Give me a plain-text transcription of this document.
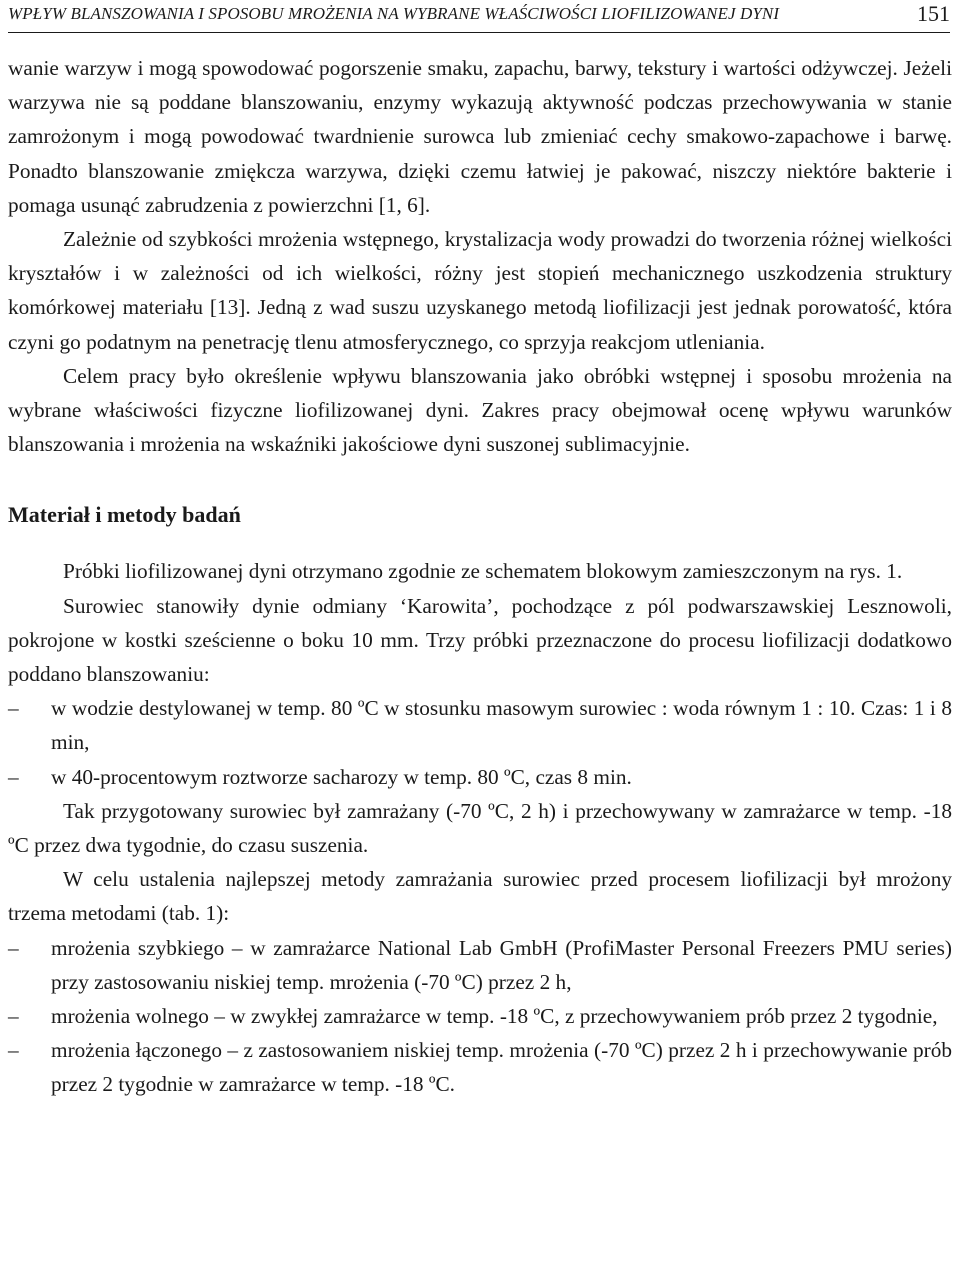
WPŁYW BLANSZOWANIA I SPOSOBU MROŻENIA NA WYBRANE WŁAŚCIWOŚCI LIOFILIZOWANEJ DYNI	151

wanie warzyw i mogą spowodować pogorszenie smaku, zapachu, barwy, tekstury i wartości odżywczej. Jeżeli warzywa nie są poddane blanszowaniu, enzymy wykazują aktywność podczas przechowywania w stanie zamrożonym i mogą powodować twardnienie surowca lub zmieniać cechy smakowo-zapachowe i barwę. Ponadto blanszowanie zmiękcza warzywa, dzięki czemu łatwiej je pakować, niszczy niektóre bakterie i pomaga usunąć zabrudzenia z powierzchni [1, 6].

Zależnie od szybkości mrożenia wstępnego, krystalizacja wody prowadzi do tworzenia różnej wielkości kryształów i w zależności od ich wielkości, różny jest stopień mechanicznego uszkodzenia struktury komórkowej materiału [13]. Jedną z wad suszu uzyskanego metodą liofilizacji jest jednak porowatość, która czyni go podatnym na penetrację tlenu atmosferycznego, co sprzyja reakcjom utleniania.

Celem pracy było określenie wpływu blanszowania jako obróbki wstępnej i sposobu mrożenia na wybrane właściwości fizyczne liofilizowanej dyni. Zakres pracy obejmował ocenę wpływu warunków blanszowania i mrożenia na wskaźniki jakościowe dyni suszonej sublimacyjnie.

Materiał i metody badań

Próbki liofilizowanej dyni otrzymano zgodnie ze schematem blokowym zamieszczonym na rys. 1.

Surowiec stanowiły dynie odmiany ‘Karowita’, pochodzące z pól podwarszawskiej Lesznowoli, pokrojone w kostki sześcienne o boku 10 mm. Trzy próbki przeznaczone do procesu liofilizacji dodatkowo poddano blanszowaniu:

– w wodzie destylowanej w temp. 80 ºC w stosunku masowym surowiec : woda równym 1 : 10. Czas: 1 i 8 min,
– w 40-procentowym roztworze sacharozy w temp. 80 ºC, czas 8 min.

Tak przygotowany surowiec był zamrażany (-70 ºC, 2 h) i przechowywany w zamrażarce w temp. -18 ºC przez dwa tygodnie, do czasu suszenia.

W celu ustalenia najlepszej metody zamrażania surowiec przed procesem liofilizacji był mrożony trzema metodami (tab. 1):

– mrożenia szybkiego – w zamrażarce National Lab GmbH (ProfiMaster Personal Freezers PMU series) przy zastosowaniu niskiej temp. mrożenia (-70 ºC) przez 2 h,
– mrożenia wolnego – w zwykłej zamrażarce w temp. -18 ºC, z przechowywaniem prób przez 2 tygodnie,
– mrożenia łączonego – z zastosowaniem niskiej temp. mrożenia (-70 ºC) przez 2 h i przechowywanie prób przez 2 tygodnie w zamrażarce w temp. -18 ºC.
